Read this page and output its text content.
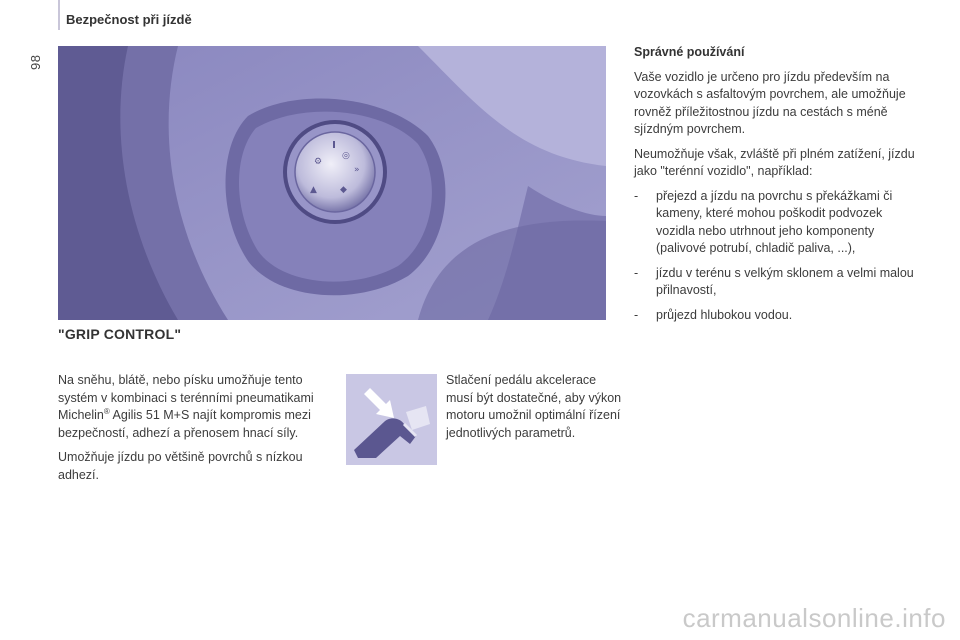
98
Bezpečnost při jízdě
⚙
◎
▲	◆
»
"GRIP CONTROL"

Na sněhu, blátě, nebo písku umožňuje tento systém v kombinaci s terénními pneumatikami Michelin® Agilis 51 M+S najít kompromis mezi bezpečností, adhezí a přenosem hnací síly.

Umožňuje jízdu po většině povrchů s nízkou adhezí.

Stlačení pedálu akcelerace musí být dostatečné, aby výkon motoru umožnil optimální řízení jednotlivých parametrů.

Správné používání

Vaše vozidlo je určeno pro jízdu především na vozovkách s asfaltovým povrchem, ale umožňuje rovněž příležitostnou jízdu na cestách s méně sjízdným povrchem.

Neumožňuje však, zvláště při plném zatížení, jízdu jako "terénní vozidlo", například:

- přejezd a jízdu na povrchu s překážkami či kameny, které mohou poškodit podvozek vozidla nebo utrhnout jeho komponenty (palivové potrubí, chladič paliva, ...),
- jízdu v terénu s velkým sklonem a velmi malou přilnavostí,
- průjezd hlubokou vodou.
carmanualsonline.info
